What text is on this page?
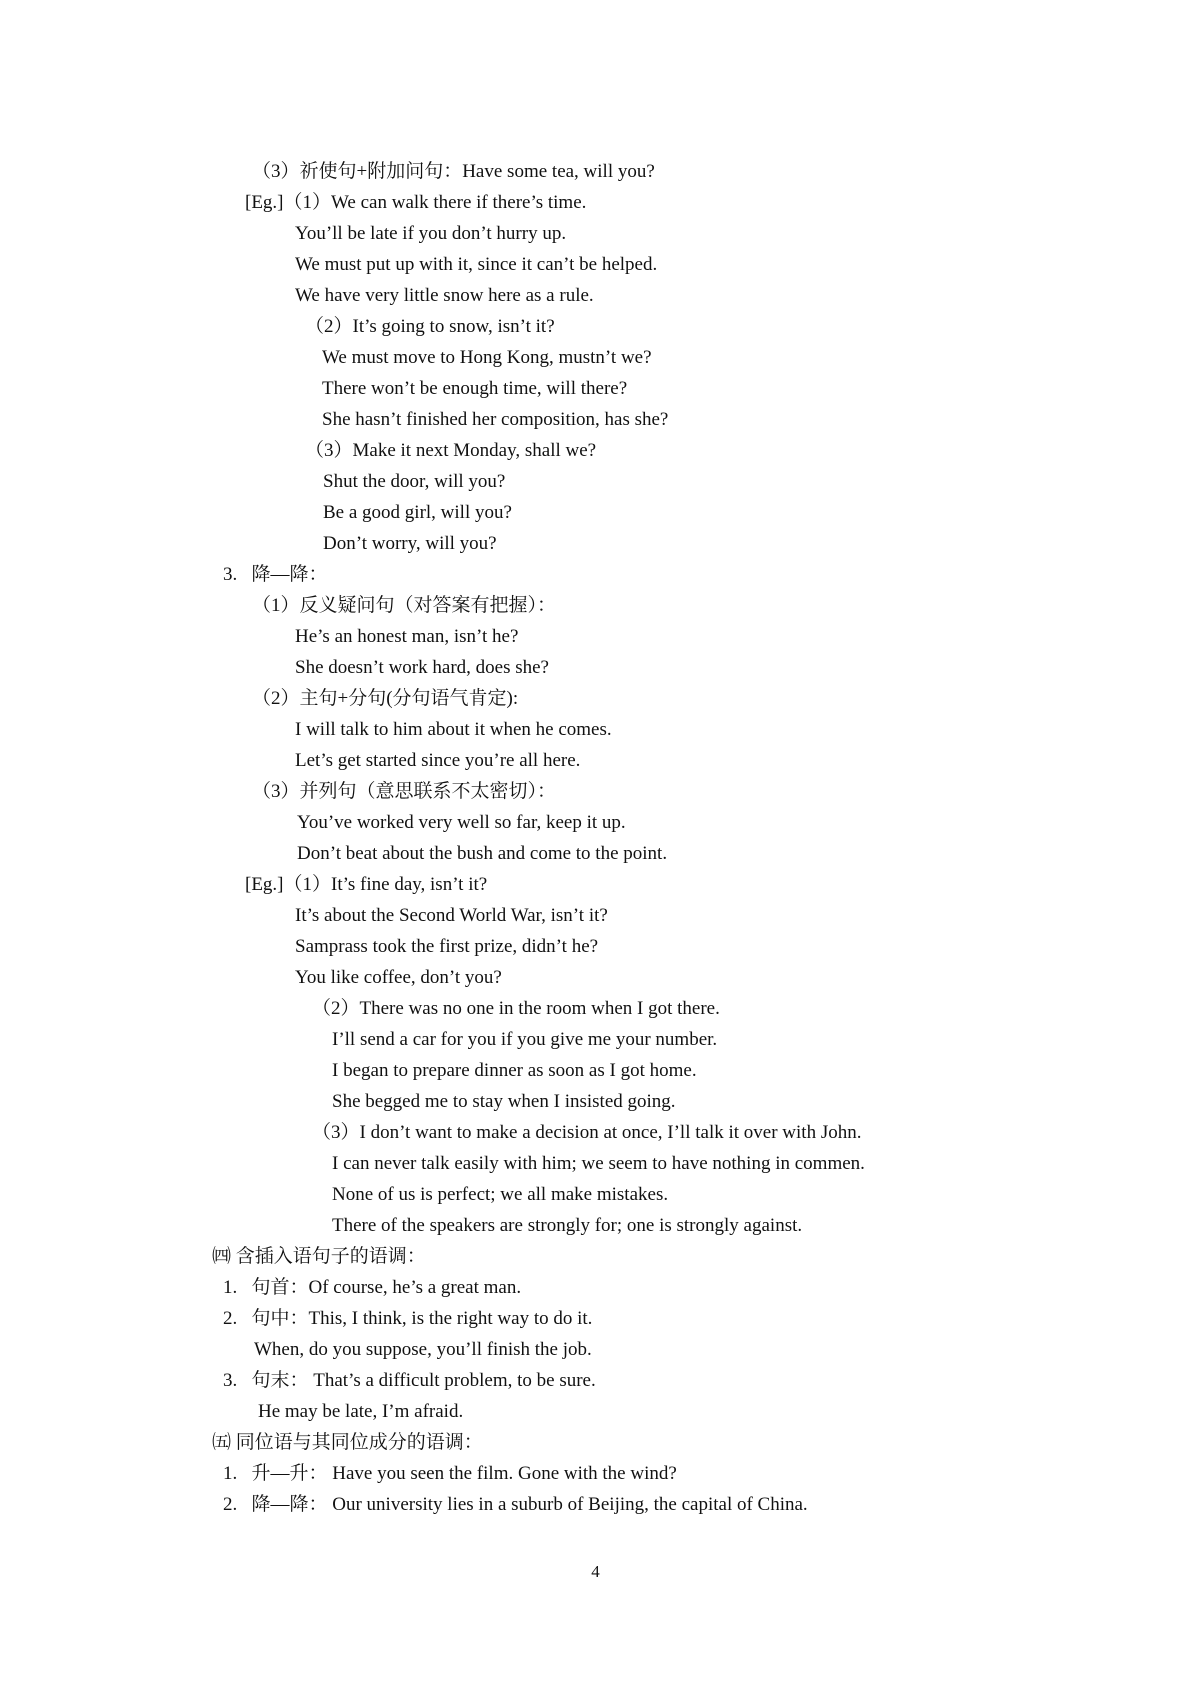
（3）祈使句+附加问句：Have some tea, will you?
[Eg.]（1）We can walk there if there’s time.
You’ll be late if you don’t hurry up.
We must put up with it, since it can’t be helped.
We have very little snow here as a rule.
（2）It’s going to snow, isn’t it?
We must move to Hong Kong, mustn’t we?
There won’t be enough time, will there?
She hasn’t finished her composition, has she?
（3）Make it next Monday, shall we?
Shut the door, will you?
Be a good girl, will you?
Don’t worry, will you?
3.   降—降：
（1）反义疑问句（对答案有把握）：
He’s an honest man, isn’t he?
She doesn’t work hard, does she?
（2）主句+分句(分句语气肯定):
I will talk to him about it when he comes.
Let’s get started since you’re all here.
（3）并列句（意思联系不太密切）：
You’ve worked very well so far, keep it up.
Don’t beat about the bush and come to the point.
[Eg.]（1）It’s fine day, isn’t it?
It’s about the Second World War, isn’t it?
Samprass took the first prize, didn’t he?
You like coffee, don’t you?
（2）There was no one in the room when I got there.
I’ll send a car for you if you give me your number.
I began to prepare dinner as soon as I got home.
She begged me to stay when I insisted going.
（3）I don’t want to make a decision at once, I’ll talk it over with John.
I can never talk easily with him; we seem to have nothing in commen.
None of us is perfect; we all make mistakes.
There of the speakers are strongly for; one is strongly against.
㈣ 含插入语句子的语调：
1.   句首：Of course, he’s a great man.
2.   句中：This, I think, is the right way to do it.
When, do you suppose, you’ll finish the job.
3.   句末： That’s a difficult problem, to be sure.
He may be late, I’m afraid.
㈤ 同位语与其同位成分的语调：
1.   升—升： Have you seen the film. Gone with the wind?
2.   降—降： Our university lies in a suburb of Beijing, the capital of China.
4
